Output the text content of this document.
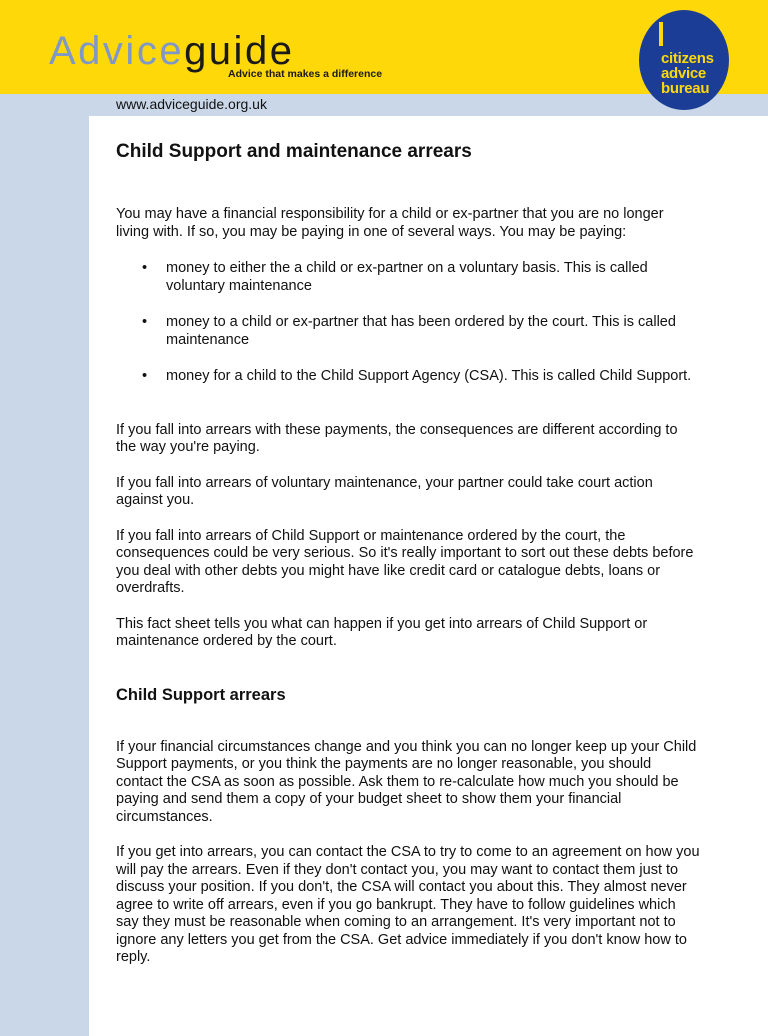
Adviceguide
Advice that makes a difference
citizens
advice
bureau
www.adviceguide.org.uk
Child Support and maintenance arrears

You may have a financial responsibility for a child or ex-partner that you are no longer living with. If so, you may be paying in one of several ways. You may be paying:

• money to either the a child or ex-partner on a voluntary basis. This is called voluntary maintenance
• money to a child or ex-partner that has been ordered by the court. This is called maintenance
• money for a child to the Child Support Agency (CSA). This is called Child Support.

If you fall into arrears with these payments, the consequences are different according to the way you're paying.

If you fall into arrears of voluntary maintenance, your partner could take court action against you.

If you fall into arrears of Child Support or maintenance ordered by the court, the consequences could be very serious. So it's really important to sort out these debts before you deal with other debts you might have like credit card or catalogue debts, loans or overdrafts.

This fact sheet tells you what can happen if you get into arrears of Child Support or maintenance ordered by the court.

Child Support arrears

If your financial circumstances change and you think you can no longer keep up your Child Support payments, or you think the payments are no longer reasonable, you should contact the CSA as soon as possible. Ask them to re-calculate how much you should be paying and send them a copy of your budget sheet to show them your financial circumstances.

If you get into arrears, you can contact the CSA to try to come to an agreement on how you will pay the arrears. Even if they don't contact you, you may want to contact them just to discuss your position. If you don't, the CSA will contact you about this. They almost never agree to write off arrears, even if you go bankrupt. They have to follow guidelines which say they must be reasonable when coming to an arrangement. It's very important not to ignore any letters you get from the CSA. Get advice immediately if you don't know how to reply.
